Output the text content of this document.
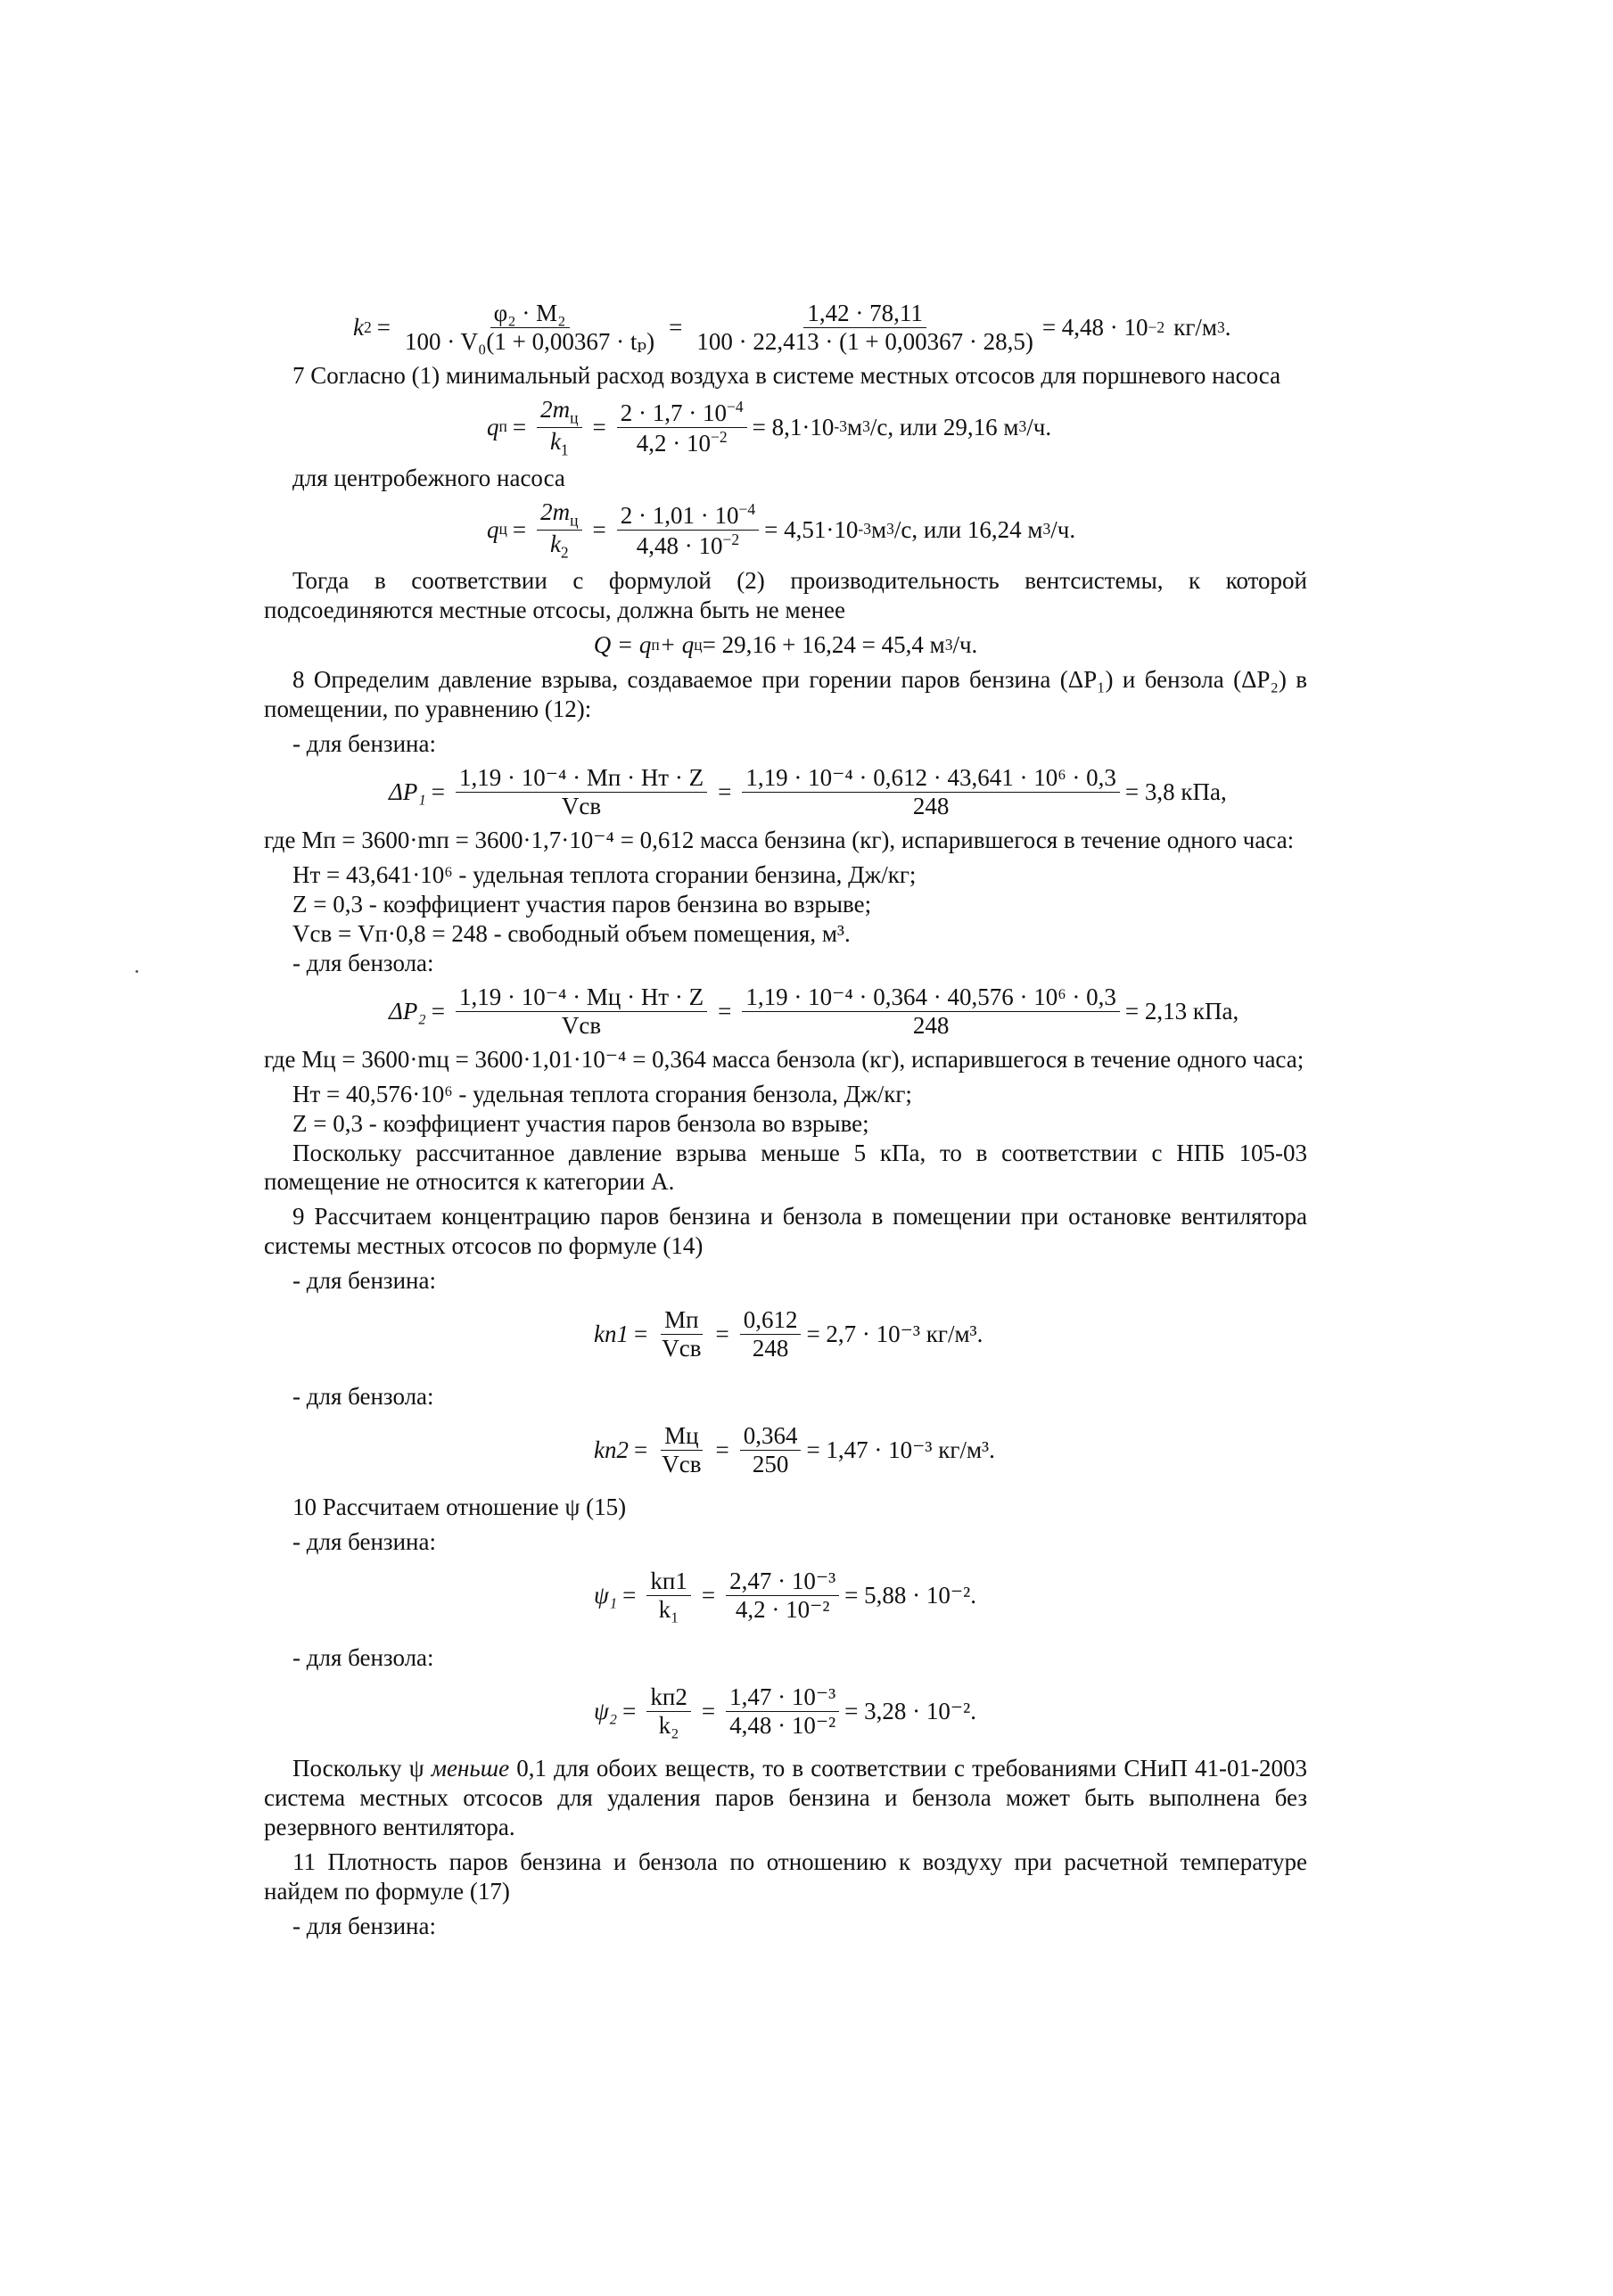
k $2 = \frac{\text{φ₂ · M₂}}{\text{100 · V₀(1 + 0,00367 · tₚ)}} = \frac{1,42 \cdot 78,11}{100 \cdot 22,413 \cdot (1 + 0,00367 \cdot 28,5)} = 4,48 \cdot 10 -2$ кг/м 3 .

7 Согласно (1) минимальный расход воздуха в системе местных отсосов для поршневого насоса

q $п = \frac{2m_ц}{k_1} = \frac{2 \cdot 1,7 \cdot 10^{-4}}{4,2 \cdot 10^{-2}} = 8,1\cdot 10$ -3 м 3 /с, или 29,16 м 3 /ч.

для центробежного насоса

q $ц = \frac{2m_ц}{k_2} = \frac{2 \cdot 1,01 \cdot 10^{-4}}{4,48 \cdot 10^{-2}} = 4,51\cdot 10$ -3 м 3 /с, или 16,24 м 3 /ч.

Тогда в соответствии с формулой (2) производительность вентсистемы, к которой подсоединяются местные отсосы, должна быть не менее

Q = q п + q ц = 29,16 + 16,24 = 45,4 м 3 /ч.

8 Определим давление взрыва, создаваемое при горении паров бензина (ΔP₁) и бензола (ΔP₂) в помещении, по уравнению (12):

- для бензина:

$\Delta P_1 = \frac{\text{1,19 · 10⁻⁴ · Mп · Hт · Z}}{\text{Vсв}} = \frac{\text{1,19 · 10⁻⁴ · 0,612 · 43,641 · 10⁶ · 0,3}}{248} = 3,8$ кПа,

где Mп = 3600·mп = 3600·1,7·10⁻⁴ = 0,612 масса бензина (кг), испарившегося в течение одного часа:

Hт = 43,641·10⁶ - удельная теплота сгорании бензина, Дж/кг;

Z = 0,3 - коэффициент участия паров бензина во взрыве;

Vсв = Vп·0,8 = 248 - свободный объем помещения, м³.

- для бензола:

$\Delta P_2 = \frac{\text{1,19 · 10⁻⁴ · Mц · Hт · Z}}{\text{Vсв}} = \frac{\text{1,19 · 10⁻⁴ · 0,364 · 40,576 · 10⁶ · 0,3}}{248} = 2,13$ кПа,

где Mц = 3600·mц = 3600·1,01·10⁻⁴ = 0,364 масса бензола (кг), испарившегося в течение одного часа;

Hт = 40,576·10⁶ - удельная теплота сгорания бензола, Дж/кг;

Z = 0,3 - коэффициент участия паров бензола во взрыве;

Поскольку рассчитанное давление взрыва меньше 5 кПа, то в соответствии с НПБ 105-03 помещение не относится к категории А.

9 Рассчитаем концентрацию паров бензина и бензола в помещении при остановке вентилятора системы местных отсосов по формуле (14)

- для бензина:

$kп1 = \frac{Mп}{\text{Vсв}} = \frac{0,612}{248} = 2,7 \cdot 10^{-3}$ кг/м³.

- для бензола:

$kп2 = \frac{Mц}{\text{Vсв}} = \frac{0,364}{250} = 1,47 \cdot 10^{-3}$ кг/м³.

10 Рассчитаем отношение ψ (15)

- для бензина:

$\psi_1 = \frac{kп1}{\text{k₁}} = \frac{\text{2,47 · 10⁻³}}{\text{4,2 · 10⁻²}} = 5,88 \cdot 10^{-2}$.

- для бензола:

$\psi_2 = \frac{kп2}{\text{k₂}} = \frac{\text{1,47 · 10⁻³}}{\text{4,48 · 10⁻²}} = 3,28 \cdot 10^{-2}$.

Поскольку ψ меньше 0,1 для обоих веществ, то в соответствии с требованиями СНиП 41-01-2003 система местных отсосов для удаления паров бензина и бензола может быть выполнена без резервного вентилятора.

11 Плотность паров бензина и бензола по отношению к воздуху при расчетной температуре найдем по формуле (17)

- для бензина:
